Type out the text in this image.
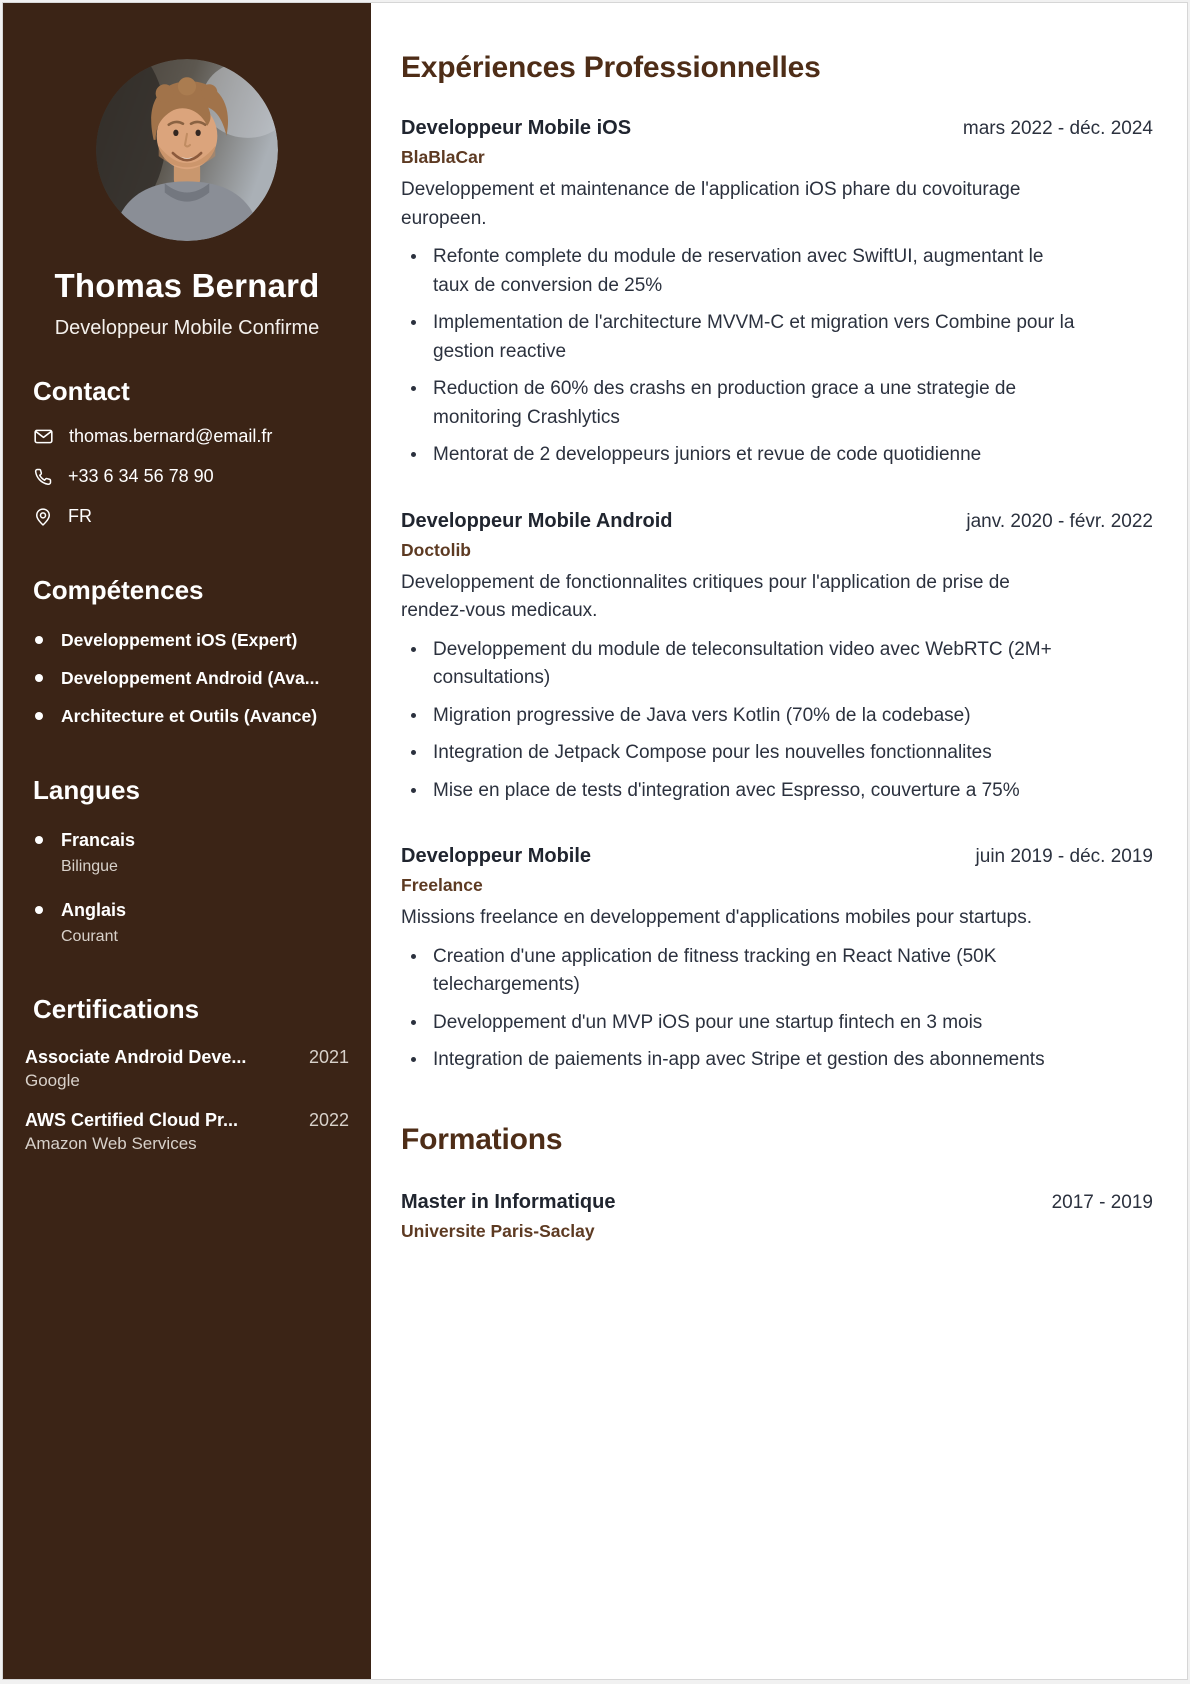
Thomas Bernard

Developpeur Mobile Confirme

Contact
thomas.bernard@email.fr
+33 6 34 56 78 90
FR
Compétences
Developpement iOS (Expert)
Developpement Android (Ava...
Architecture et Outils (Avance)
Langues
Francais
Bilingue
Anglais
Courant
Certifications
Associate Android Deve...	2021
Google
AWS Certified Cloud Pr...	2022
Amazon Web Services
Expériences Professionnelles
Developpeur Mobile iOS	mars 2022 - déc. 2024
BlaBlaCar

Developpement et maintenance de l'application iOS phare du covoiturage europeen.

Refonte complete du module de reservation avec SwiftUI, augmentant le taux de conversion de 25%
Implementation de l'architecture MVVM-C et migration vers Combine pour la gestion reactive
Reduction de 60% des crashs en production grace a une strategie de monitoring Crashlytics
Mentorat de 2 developpeurs juniors et revue de code quotidienne
Developpeur Mobile Android	janv. 2020 - févr. 2022
Doctolib

Developpement de fonctionnalites critiques pour l'application de prise de rendez-vous medicaux.

Developpement du module de teleconsultation video avec WebRTC (2M+ consultations)
Migration progressive de Java vers Kotlin (70% de la codebase)
Integration de Jetpack Compose pour les nouvelles fonctionnalites
Mise en place de tests d'integration avec Espresso, couverture a 75%
Developpeur Mobile	juin 2019 - déc. 2019
Freelance

Missions freelance en developpement d'applications mobiles pour startups.

Creation d'une application de fitness tracking en React Native (50K telechargements)
Developpement d'un MVP iOS pour une startup fintech en 3 mois
Integration de paiements in-app avec Stripe et gestion des abonnements
Formations
Master in Informatique	2017 - 2019
Universite Paris-Saclay
